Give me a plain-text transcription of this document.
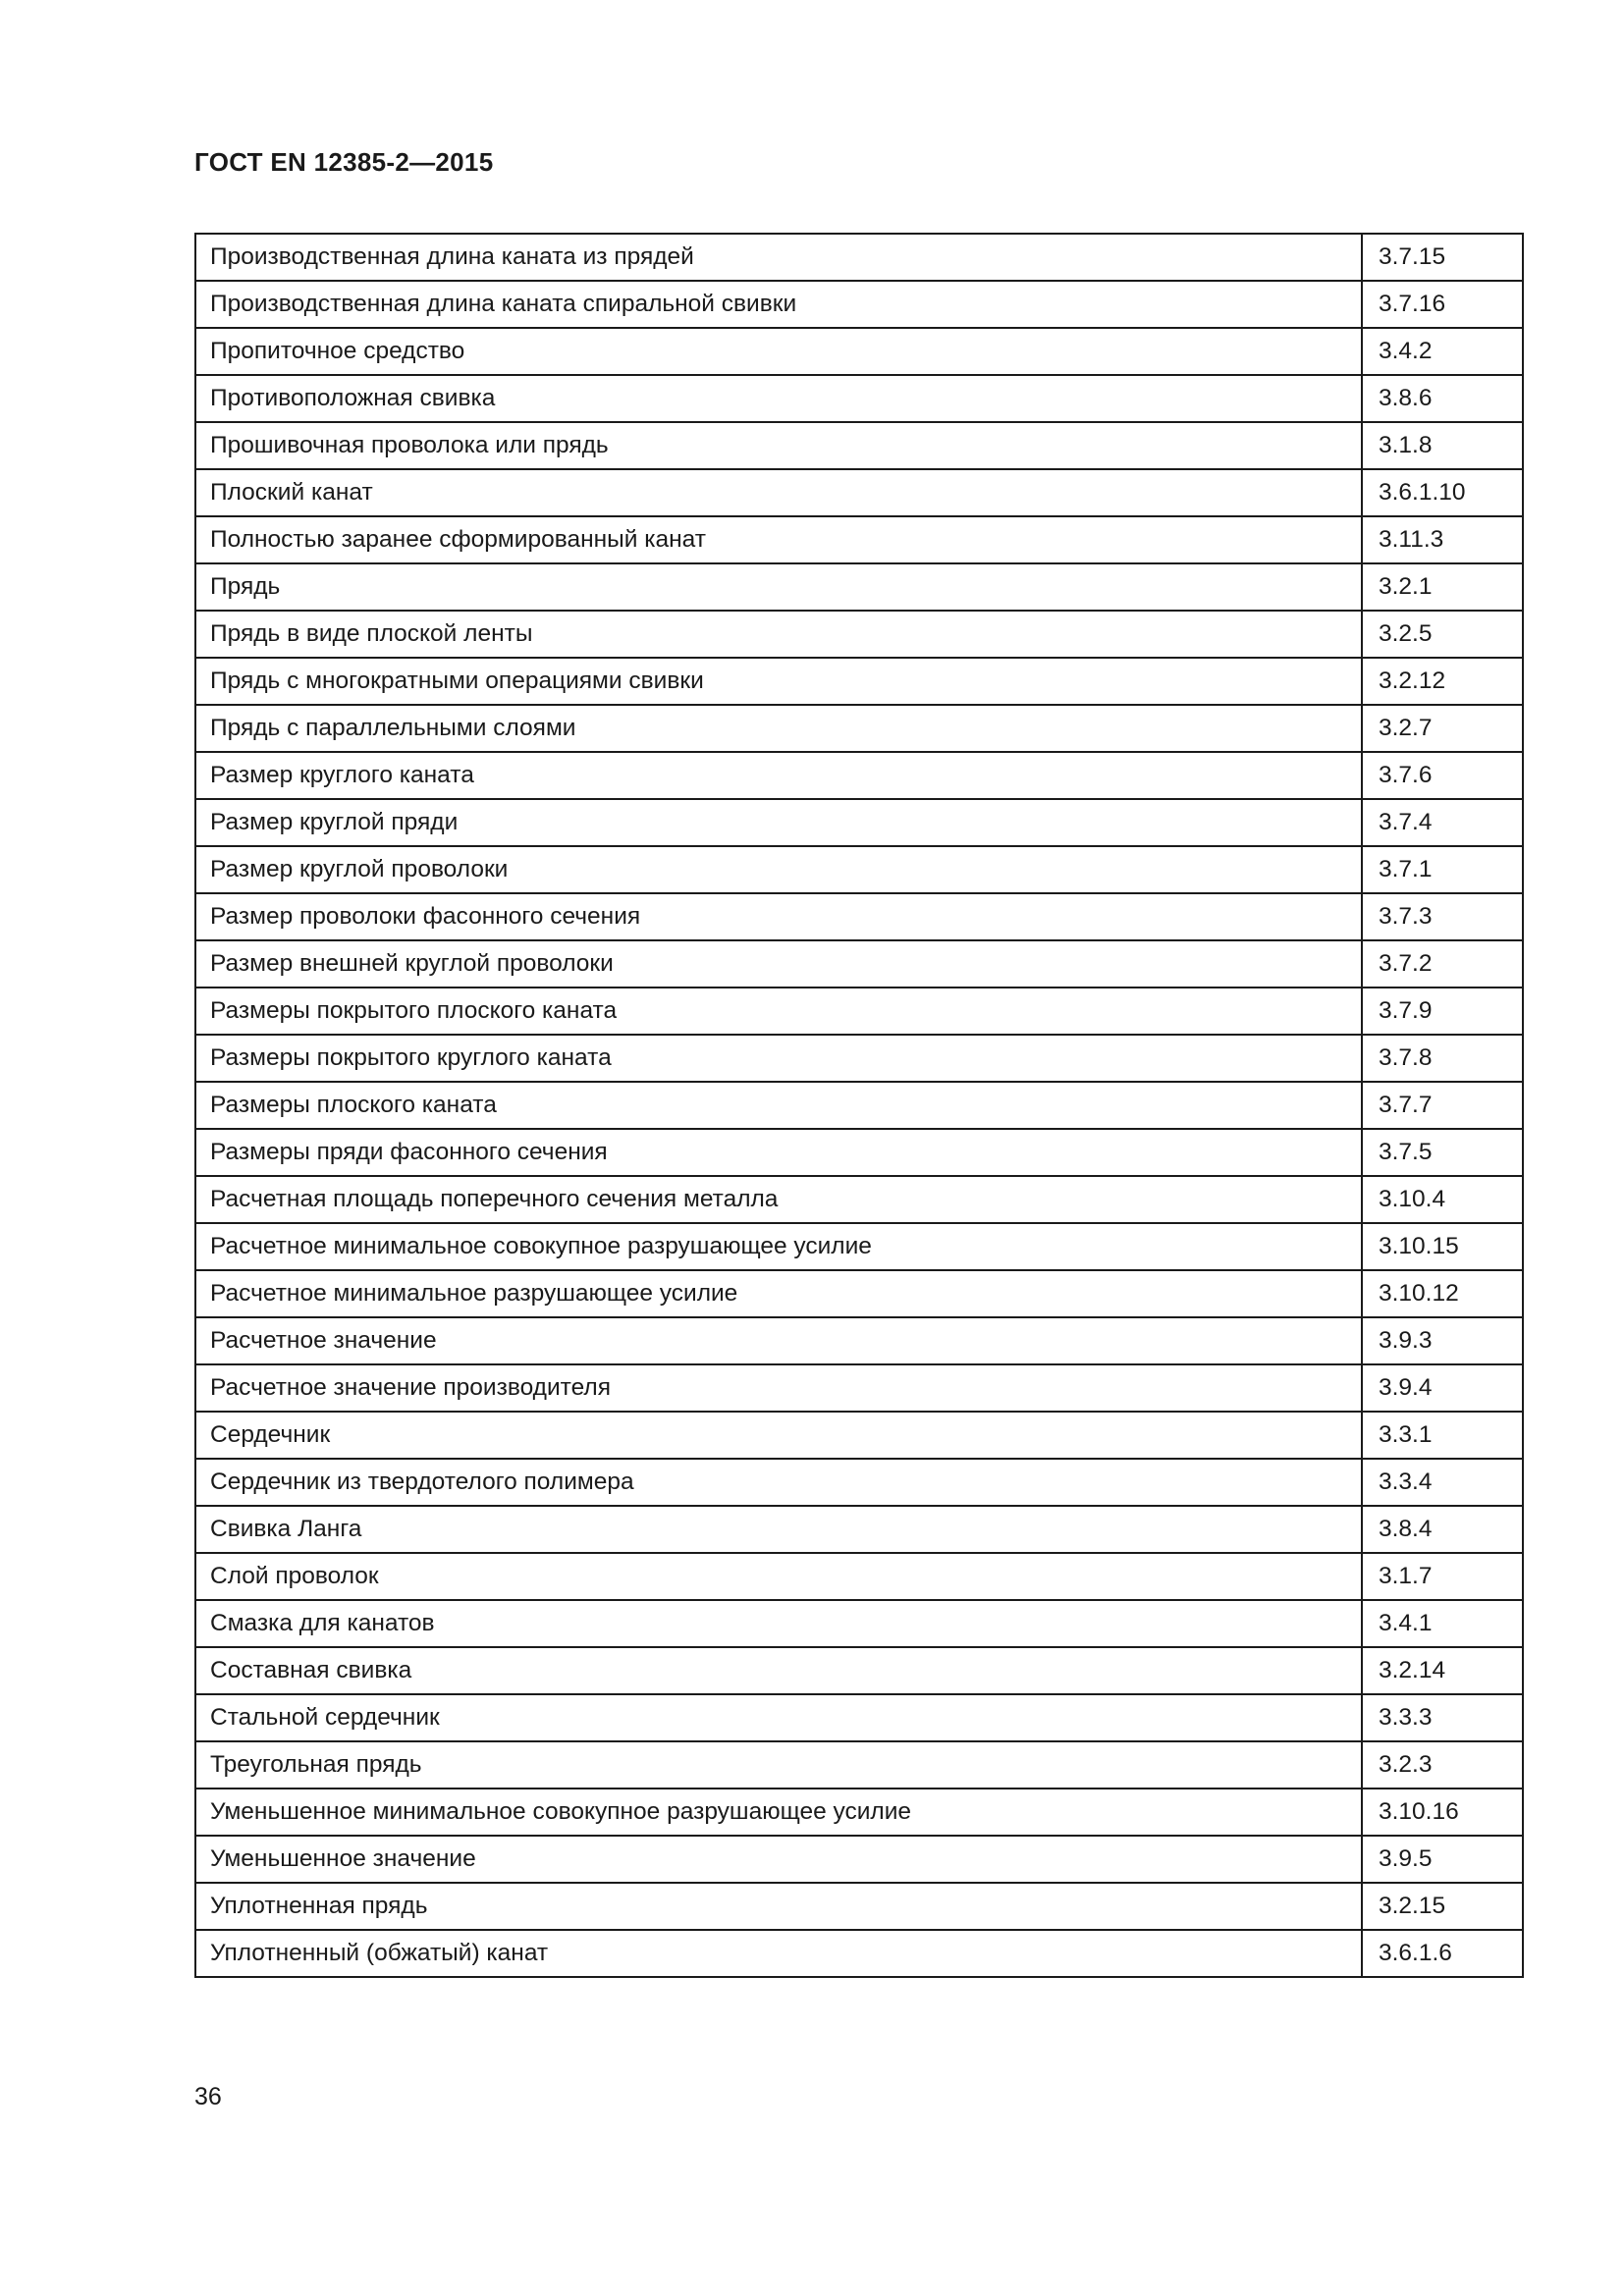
ГОСТ EN 12385-2—2015
Производственная длина каната из прядей	3.7.15
Производственная длина каната спиральной свивки	3.7.16
Пропиточное средство	3.4.2
Противоположная свивка	3.8.6
Прошивочная проволока или прядь	3.1.8
Плоский канат	3.6.1.10
Полностью заранее сформированный канат	3.11.3
Прядь	3.2.1
Прядь в виде плоской ленты	3.2.5
Прядь с многократными операциями свивки	3.2.12
Прядь с параллельными слоями	3.2.7
Размер круглого каната	3.7.6
Размер круглой пряди	3.7.4
Размер круглой проволоки	3.7.1
Размер проволоки фасонного сечения	3.7.3
Размер внешней круглой проволоки	3.7.2
Размеры покрытого плоского каната	3.7.9
Размеры покрытого круглого каната	3.7.8
Размеры плоского каната	3.7.7
Размеры пряди фасонного сечения	3.7.5
Расчетная площадь поперечного сечения металла	3.10.4
Расчетное минимальное совокупное разрушающее усилие	3.10.15
Расчетное минимальное разрушающее усилие	3.10.12
Расчетное значение	3.9.3
Расчетное значение производителя	3.9.4
Сердечник	3.3.1
Сердечник из твердотелого полимера	3.3.4
Свивка Ланга	3.8.4
Слой проволок	3.1.7
Смазка для канатов	3.4.1
Составная свивка	3.2.14
Стальной сердечник	3.3.3
Треугольная прядь	3.2.3
Уменьшенное минимальное совокупное разрушающее усилие	3.10.16
Уменьшенное значение	3.9.5
Уплотненная прядь	3.2.15
Уплотненный (обжатый) канат	3.6.1.6
36
